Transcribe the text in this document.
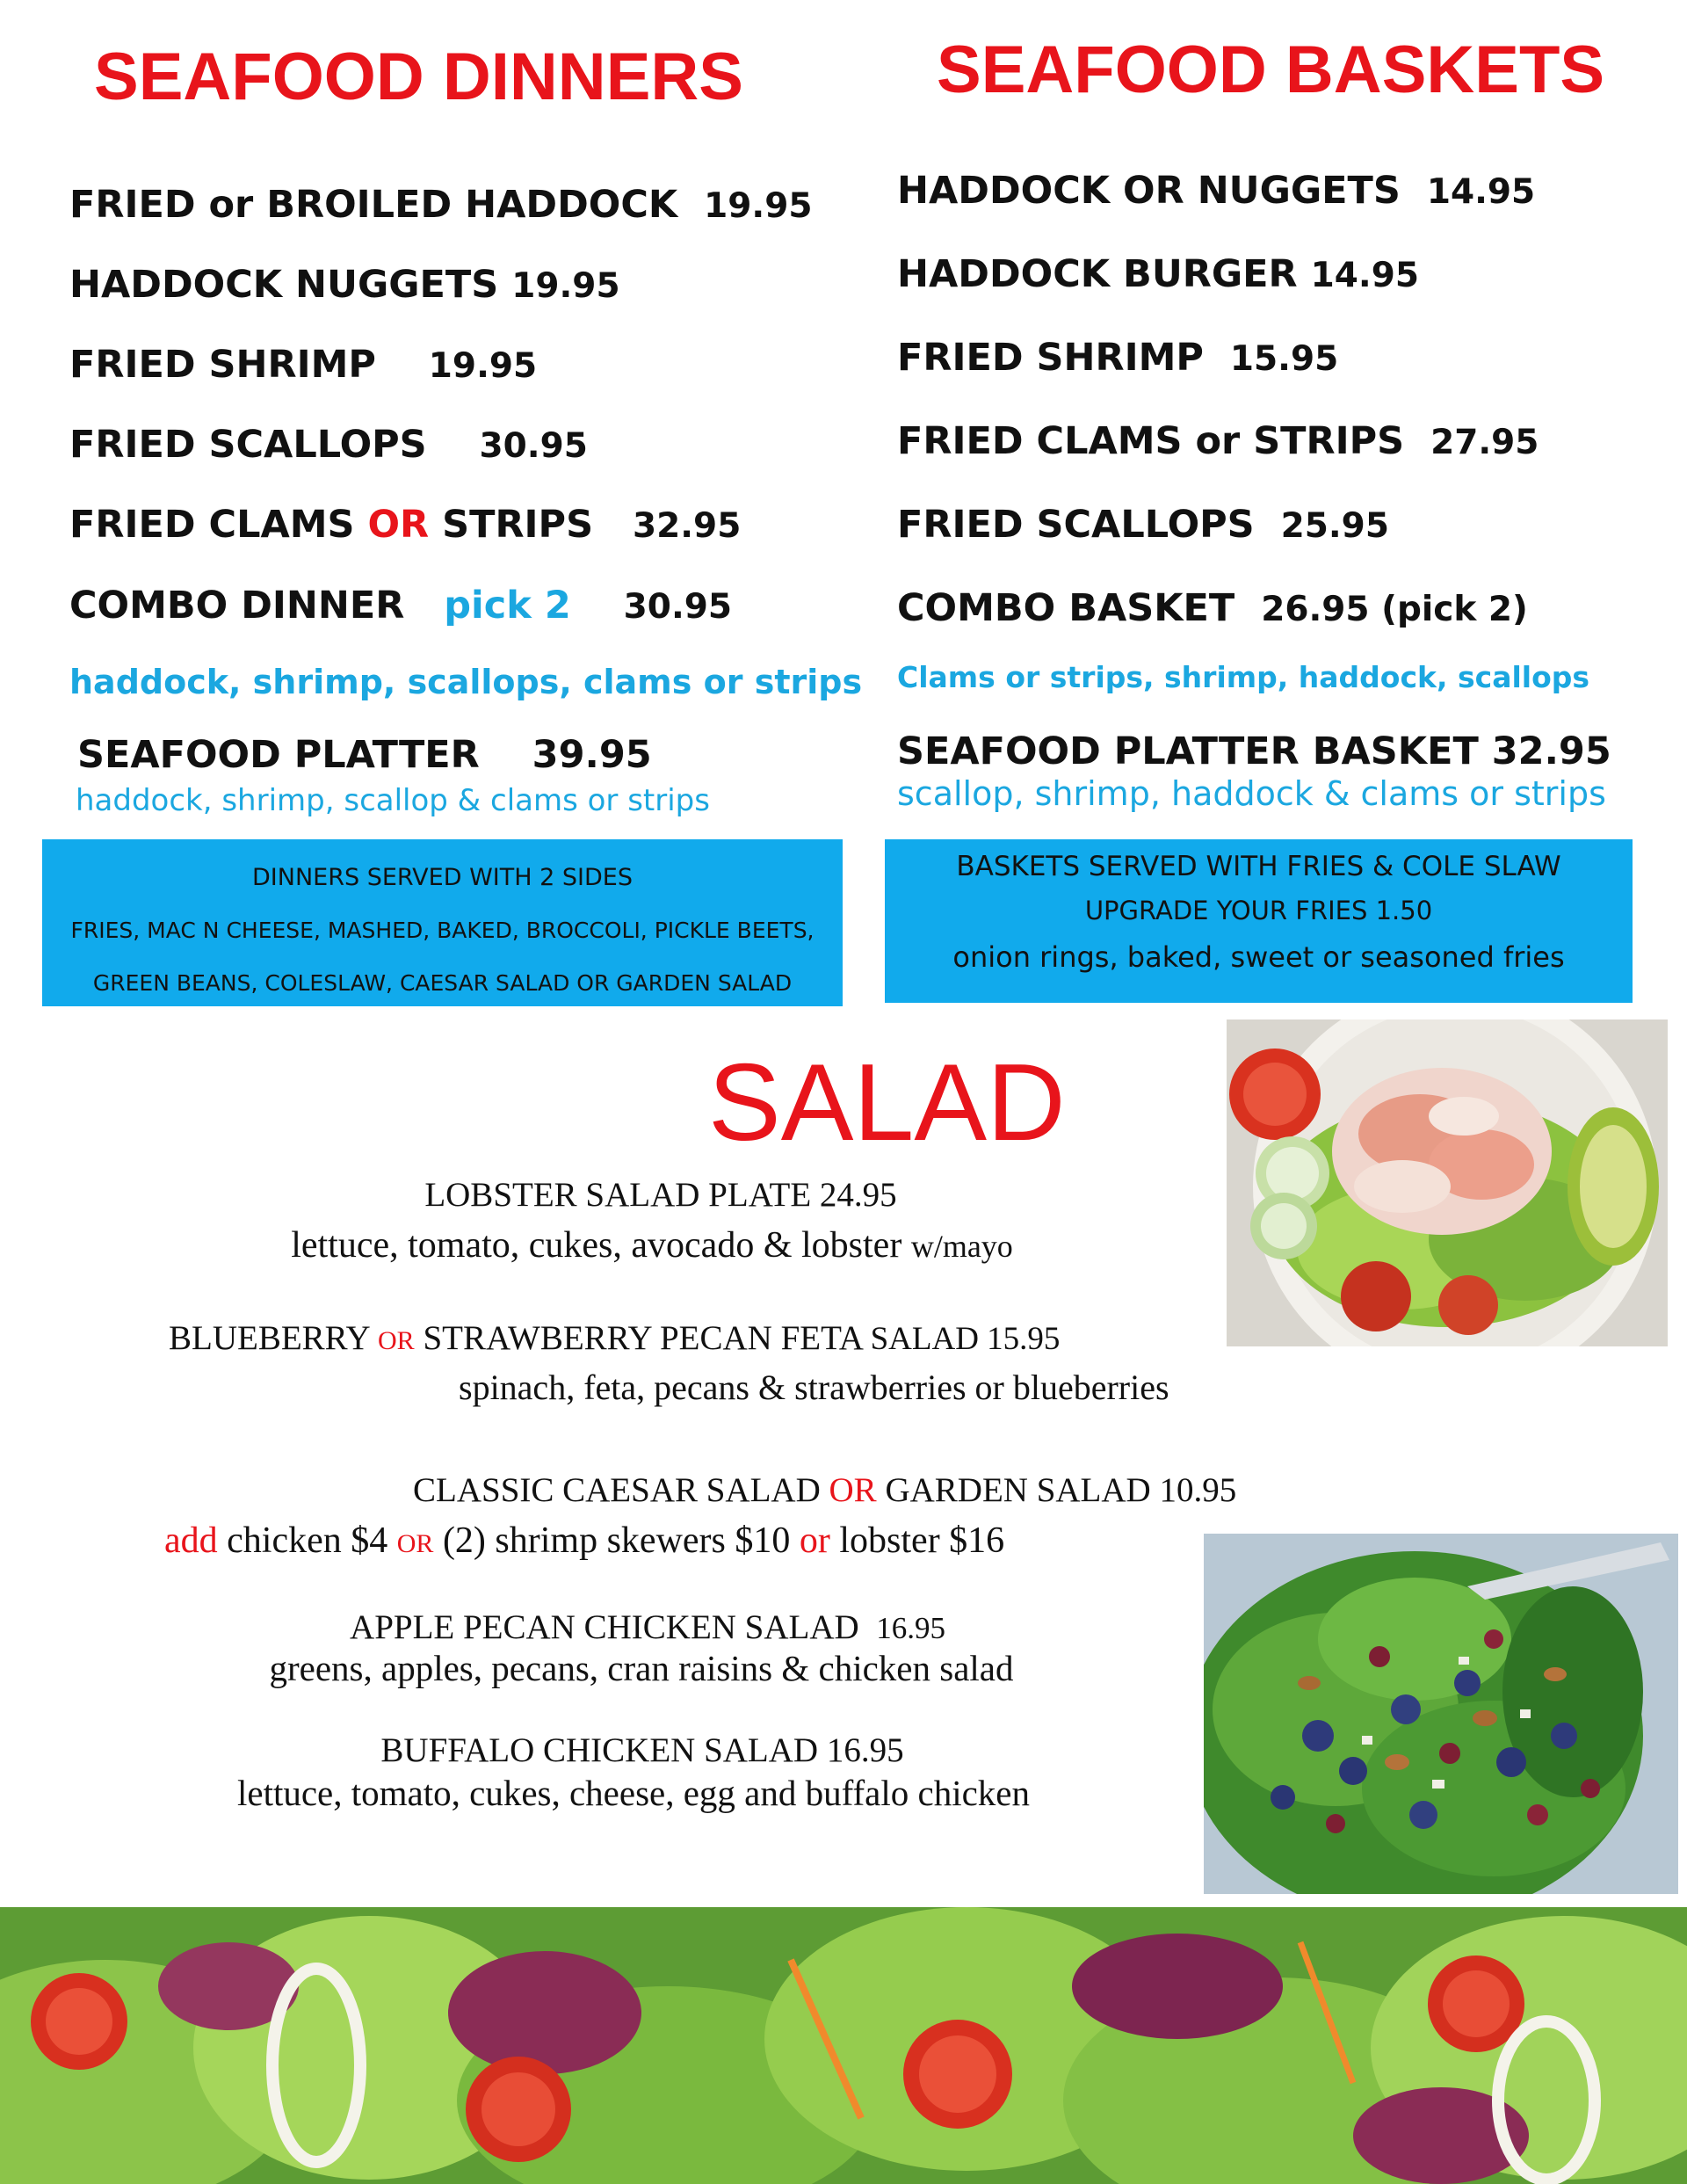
SEAFOOD DINNERS
FRIED or BROILED HADDOCK 19.95
HADDOCK NUGGETS 19.95
FRIED SHRIMP 19.95
FRIED SCALLOPS 30.95
FRIED CLAMS OR STRIPS 32.95
COMBO DINNER pick 2 30.95
haddock, shrimp, scallops, clams or strips
SEAFOOD PLATTER 39.95
haddock, shrimp, scallop & clams or strips
DINNERS SERVED WITH 2 SIDES
FRIES, MAC N CHEESE, MASHED, BAKED, BROCCOLI, PICKLE BEETS,
GREEN BEANS, COLESLAW, CAESAR SALAD OR GARDEN SALAD
SEAFOOD BASKETS
HADDOCK OR NUGGETS 14.95
HADDOCK BURGER 14.95
FRIED SHRIMP 15.95
FRIED CLAMS or STRIPS 27.95
FRIED SCALLOPS 25.95
COMBO BASKET 26.95 (pick 2)
Clams or strips, shrimp, haddock, scallops
SEAFOOD PLATTER BASKET 32.95
scallop, shrimp, haddock & clams or strips
BASKETS SERVED WITH FRIES & COLE SLAW
UPGRADE YOUR FRIES 1.50
onion rings, baked, sweet or seasoned fries
SALAD
LOBSTER SALAD PLATE 24.95
lettuce, tomato, cukes, avocado & lobster w/mayo
BLUEBERRY OR STRAWBERRY PECAN FETA SALAD 15.95
spinach, feta, pecans & strawberries or blueberries
CLASSIC CAESAR SALAD OR GARDEN SALAD 10.95
add chicken $4 OR (2) shrimp skewers $10 or lobster $16
APPLE PECAN CHICKEN SALAD 16.95
greens, apples, pecans, cran raisins & chicken salad
BUFFALO CHICKEN SALAD 16.95
lettuce, tomato, cukes, cheese, egg and buffalo chicken
